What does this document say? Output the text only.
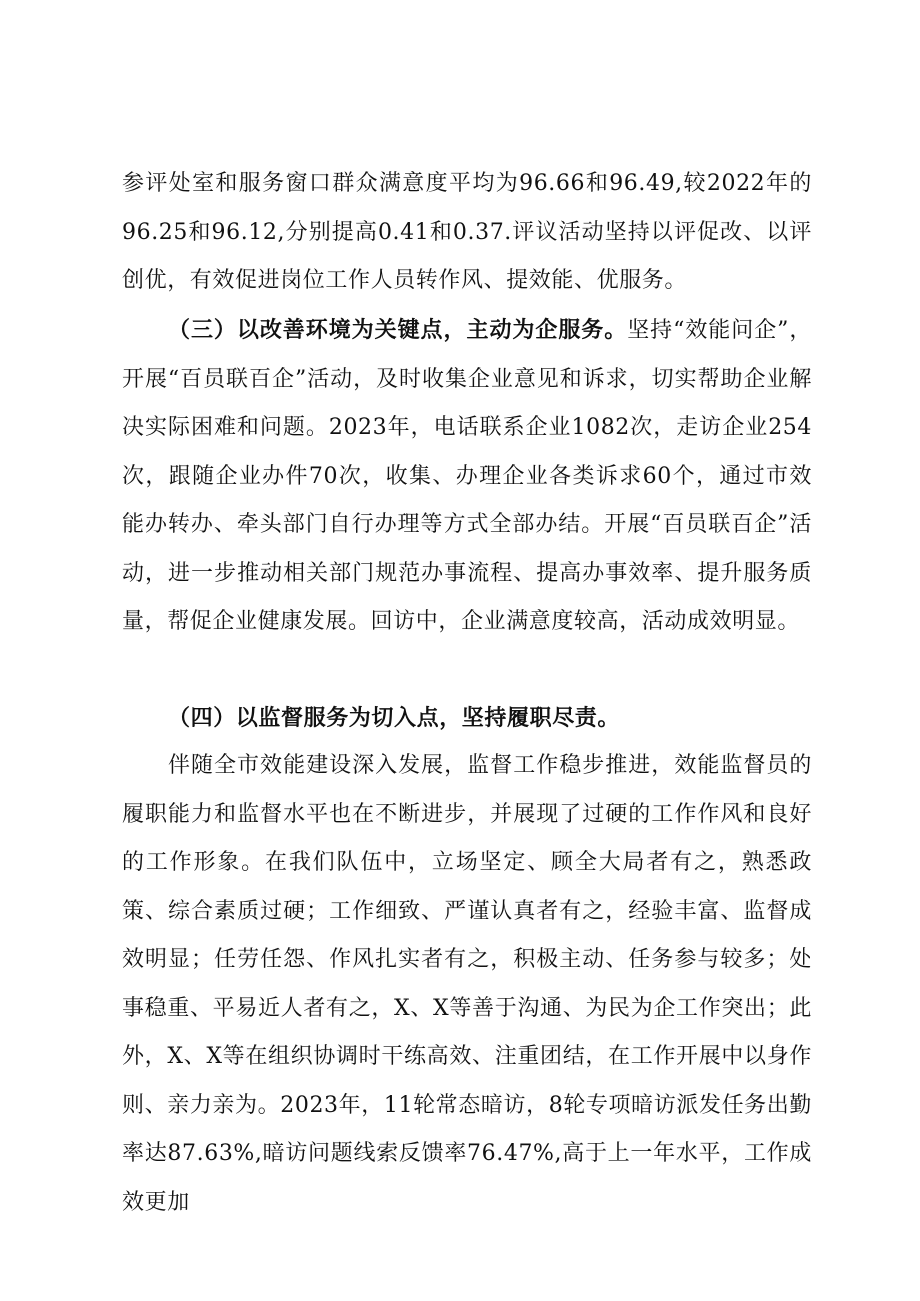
参评处室和服务窗口群众满意度平均为96.66和96.49,较2022年的96.25和96.12,分别提高0.41和0.37.评议活动坚持以评促改、以评创优，有效促进岗位工作人员转作风、提效能、优服务。

（三）以改善环境为关键点，主动为企服务。坚持“效能问企”，开展“百员联百企”活动，及时收集企业意见和诉求，切实帮助企业解决实际困难和问题。2023年，电话联系企业1082次，走访企业254次，跟随企业办件70次，收集、办理企业各类诉求60个，通过市效能办转办、牵头部门自行办理等方式全部办结。开展“百员联百企”活动，进一步推动相关部门规范办事流程、提高办事效率、提升服务质量，帮促企业健康发展。回访中，企业满意度较高，活动成效明显。

（四）以监督服务为切入点，坚持履职尽责。

伴随全市效能建设深入发展，监督工作稳步推进，效能监督员的履职能力和监督水平也在不断进步，并展现了过硬的工作作风和良好的工作形象。在我们队伍中，立场坚定、顾全大局者有之，熟悉政策、综合素质过硬；工作细致、严谨认真者有之，经验丰富、监督成效明显；任劳任怨、作风扎实者有之，积极主动、任务参与较多；处事稳重、平易近人者有之，X、X等善于沟通、为民为企工作突出；此外，X、X等在组织协调时干练高效、注重团结，在工作开展中以身作则、亲力亲为。2023年，11轮常态暗访，8轮专项暗访派发任务出勤率达87.63%,暗访问题线索反馈率76.47%,高于上一年水平，工作成效更加
